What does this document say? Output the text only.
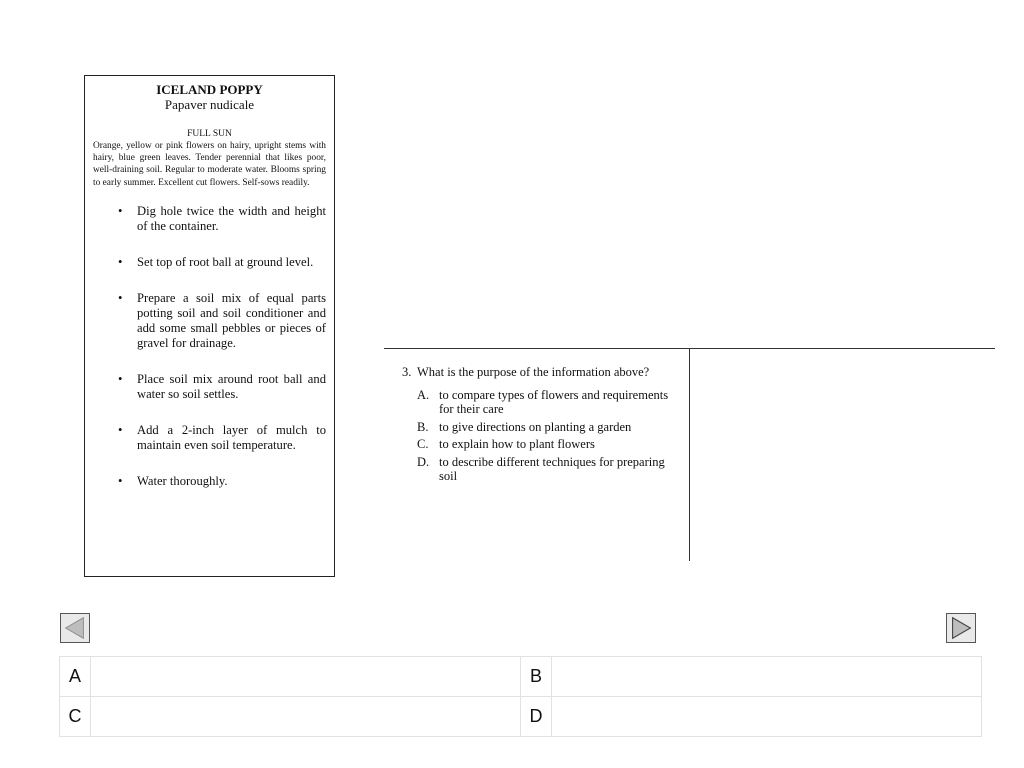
ICELAND POPPY
Papaver nudicale
FULL SUN

Orange, yellow or pink flowers on hairy, upright stems with hairy, blue green leaves. Tender perennial that likes poor, well-draining soil. Regular to moderate water. Blooms spring to early summer. Excellent cut flowers. Self-sows readily.

• Dig hole twice the width and height of the container.
• Set top of root ball at ground level.
• Prepare a soil mix of equal parts potting soil and soil conditioner and add some small pebbles or pieces of gravel for drainage.
• Place soil mix around root ball and water so soil settles.
• Add a 2-inch layer of mulch to maintain even soil temperature.
• Water thoroughly.
3. What is the purpose of the information above?
A. to compare types of flowers and requirements for their care
B. to give directions on planting a garden
C. to explain how to plant flowers
D. to describe different techniques for preparing soil
A		B	
C		D	
